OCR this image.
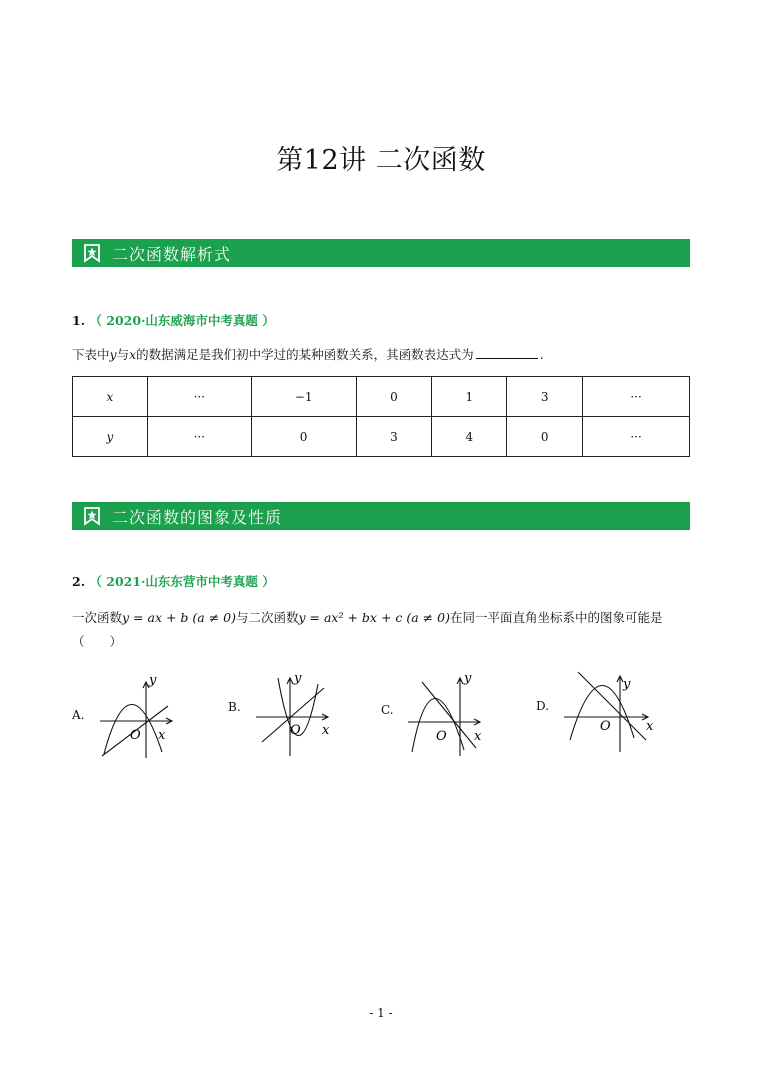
第12讲 二次函数
二次函数解析式
1. （ 2020·山东威海市中考真题 ）
下表中y与x的数据满足是我们初中学过的某种函数关系，其函数表达式为	.
x	···	−1	0	1	3	···
y	···	0	3	4	0	···
二次函数的图象及性质
2. （ 2021·山东东营市中考真题 ）
一次函数y = ax + b (a ≠ 0)与二次函数y = ax² + bx + c (a ≠ 0)在同一平面直角坐标系中的图象可能是
（　　）
A.
B.	C.	D.
y
x
O
y
x
O
y
x
O
y
x
O
- 1 -
